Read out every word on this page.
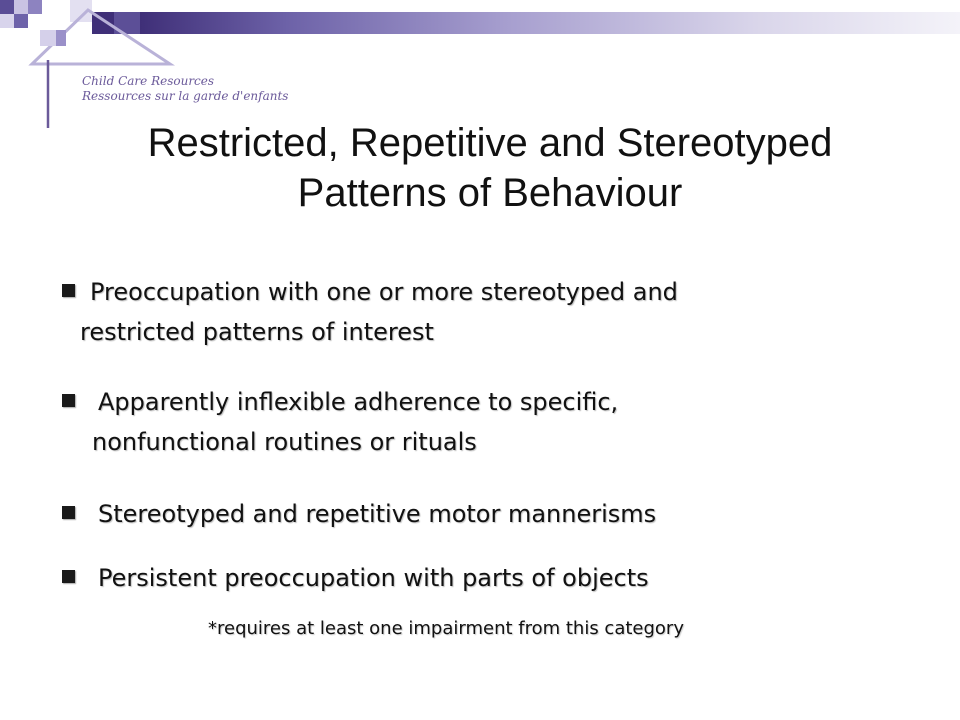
Child Care Resources
Ressources sur la garde d'enfants
Restricted, Repetitive and Stereotyped
Patterns of Behaviour
Preoccupation with one or more stereotyped and
restricted patterns of interest
Apparently inflexible adherence to specific,
nonfunctional routines or rituals
Stereotyped and repetitive motor mannerisms
Persistent preoccupation with parts of objects
*requires at least one impairment from this category
